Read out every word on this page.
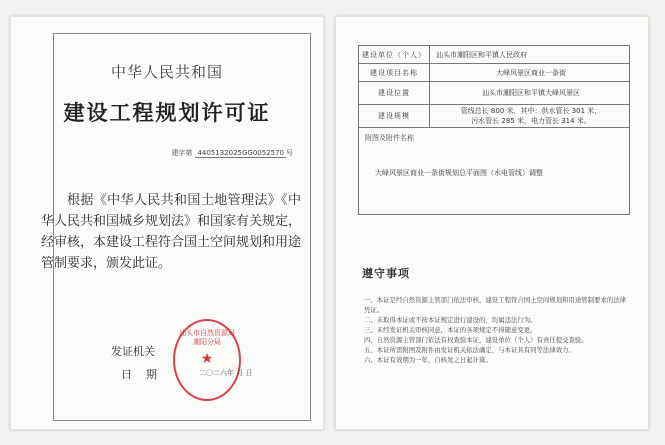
中华人民共和国
建设工程规划许可证
建字第 4405132025GG0052570 号
根据《中华人民共和国土地管理法》《中华人民共和国城乡规划法》和国家有关规定，经审核，本建设工程符合国土空间规划和用途管制要求，颁发此证。
发证机关
日期
汕头市自然资源局潮阳分局
★
二〇二六年 月 日
建设单位（个人）	汕头市潮阳区和平镇人民政府
建设项目名称	大峰风景区商业一条街
建设位置	汕头市潮阳区和平镇大峰风景区
建设规模	管线总长 800 米，其中：供水管长 301 米，
污水管长 285 米，电力管长 314 米。
附图及附件名称
大峰风景区商业一条街规划总平面图（水电管线）调整
遵守事项
一、本证是经自然资源主管部门依法审核，建设工程符合国土空间规划和用途管制要求的法律凭证。
二、未取得本证或不按本证规定进行建设的，均属违法行为。
三、未经发证机关审核同意，本证的各项规定不得随意变更。
四、自然资源主管部门依法有权查验本证，建设单位（个人）有责任提交查验。
五、本证所需附图及附件由发证机关依法确定，与本证具有同等法律效力。
六、本证有效期为一年，自核发之日起计算。
